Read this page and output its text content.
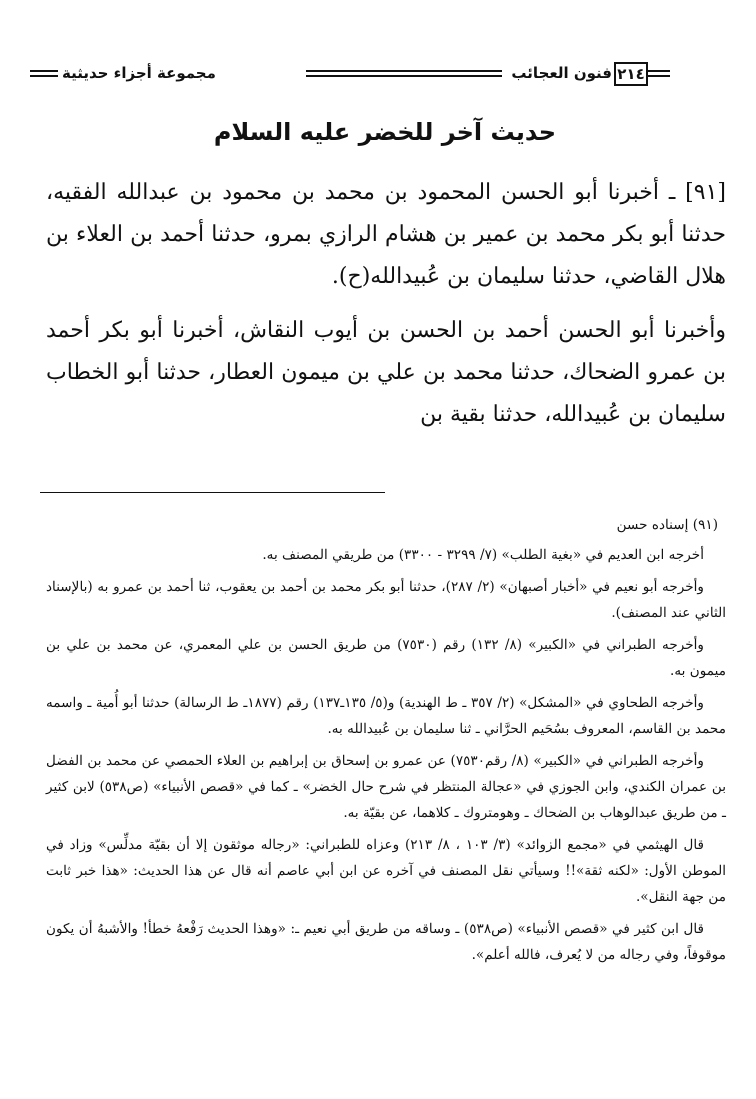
٢١٤
فنون العجائب
مجموعة أجزاء حديثية
حديث آخر للخضر عليه السلام

[٩١] ـ أخبرنا أبو الحسن المحمود بن محمد بن محمود بن عبدالله الفقيه، حدثنا أبو بكر محمد بن عمير بن هشام الرازي بمرو، حدثنا أحمد بن العلاء بن هلال القاضي، حدثنا سليمان بن عُبيدالله(ح).

وأخبرنا أبو الحسن أحمد بن الحسن بن أيوب النقاش، أخبرنا أبو بكر أحمد بن عمرو الضحاك، حدثنا محمد بن علي بن ميمون العطار، حدثنا أبو الخطاب سليمان بن عُبيدالله، حدثنا بقية بن

(٩١) إسناده حسن

أخرجه ابن العديم في «بغية الطلب» (٧/ ٣٢٩٩ - ٣٣٠٠) من طريقي المصنف به.

وأخرجه أبو نعيم في «أخبار أصبهان» (٢/ ٢٨٧)، حدثنا أبو بكر محمد بن أحمد بن يعقوب، ثنا أحمد بن عمرو به (بالإسناد الثاني عند المصنف).

وأخرجه الطبراني في «الكبير» (٨/ ١٣٢) رقم (٧٥٣٠) من طريق الحسن بن علي المعمري، عن محمد بن علي بن ميمون به.

وأخرجه الطحاوي في «المشكل» (٢/ ٣٥٧ ـ ط الهندية) و(٥/ ١٣٥ـ١٣٧) رقم (١٨٧٧ـ ط الرسالة) حدثنا أبو أُمية ـ واسمه محمد بن القاسم، المعروف بسُحَيم الحرَّاني ـ ثنا سليمان بن عُبيدالله به.

وأخرجه الطبراني في «الكبير» (٨/ رقم٧٥٣٠) عن عمرو بن إسحاق بن إبراهيم بن العلاء الحمصي عن محمد بن الفضل بن عمران الكندي، وابن الجوزي في «عجالة المنتظر في شرح حال الخضر» ـ كما في «قصص الأنبياء» (ص٥٣٨) لابن كثير ـ من طريق عبدالوهاب بن الضحاك ـ وهومتروك ـ كلاهما، عن بقيّة به.

قال الهيثمي في «مجمع الزوائد» (٣/ ١٠٣ ، ٨/ ٢١٣) وعزاه للطبراني: «رجاله موثقون إلا أن بقيّة مدلِّس» وزاد في الموطن الأول: «لكنه ثقة»!! وسيأتي نقل المصنف في آخره عن ابن أبي عاصم أنه قال عن هذا الحديث: «هذا خبر ثابت من جهة النقل».

قال ابن كثير في «قصص الأنبياء» (ص٥٣٨) ـ وساقه من طريق أبي نعيم ـ: «وهذا الحديث رَفْعهُ خطأ! والأشبهُ أن يكون موقوفاً، وفي رجاله من لا يُعرف، فالله أعلم».
